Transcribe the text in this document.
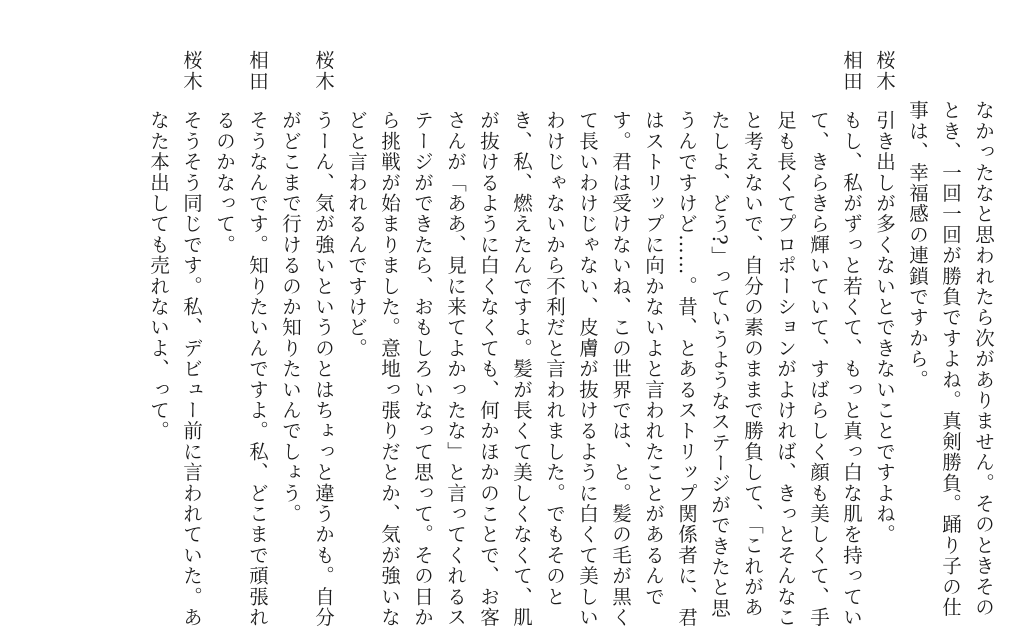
なかったなと思われたら次がありません。そのときそのとき、一回一回が勝負ですよね。真剣勝負。踊り子の仕事は、幸福感の連鎖ですから。
桜木
引き出しが多くないとできないことですよね。
相田
もし、私がずっと若くて、もっと真っ白な肌を持っていて、きらきら輝いていて、すばらしく顔も美しくて、手足も長くてプロポーションがよければ、きっとそんなこと考えないで、自分の素のままで勝負して、「これがあたしよ、どう?」っていうようなステージができたと思うんですけど……。昔、とあるストリップ関係者に、君はストリップに向かないよと言われたことがあるんです。君は受けないね、この世界では、と。髪の毛が黒くて長いわけじゃない、皮膚が抜けるように白くて美しいわけじゃないから不利だと言われました。でもそのとき、私、燃えたんですよ。髪が長くて美しくなくて、肌が抜けるように白くなくても、何かほかのことで、お客さんが「ああ、見に来てよかったな」と言ってくれるステージができたら、おもしろいなって思って。その日から挑戦が始まりました。意地っ張りだとか、気が強いなどと言われるんですけど。
桜木
うーん、気が強いというのとはちょっと違うかも。自分がどこまで行けるのか知りたいんでしょう。
相田
そうなんです。知りたいんですよ。私、どこまで頑張れるのかなって。
桜木
そうそう同じです。私、デビュー前に言われていた。あなた本出しても売れないよ、って。
